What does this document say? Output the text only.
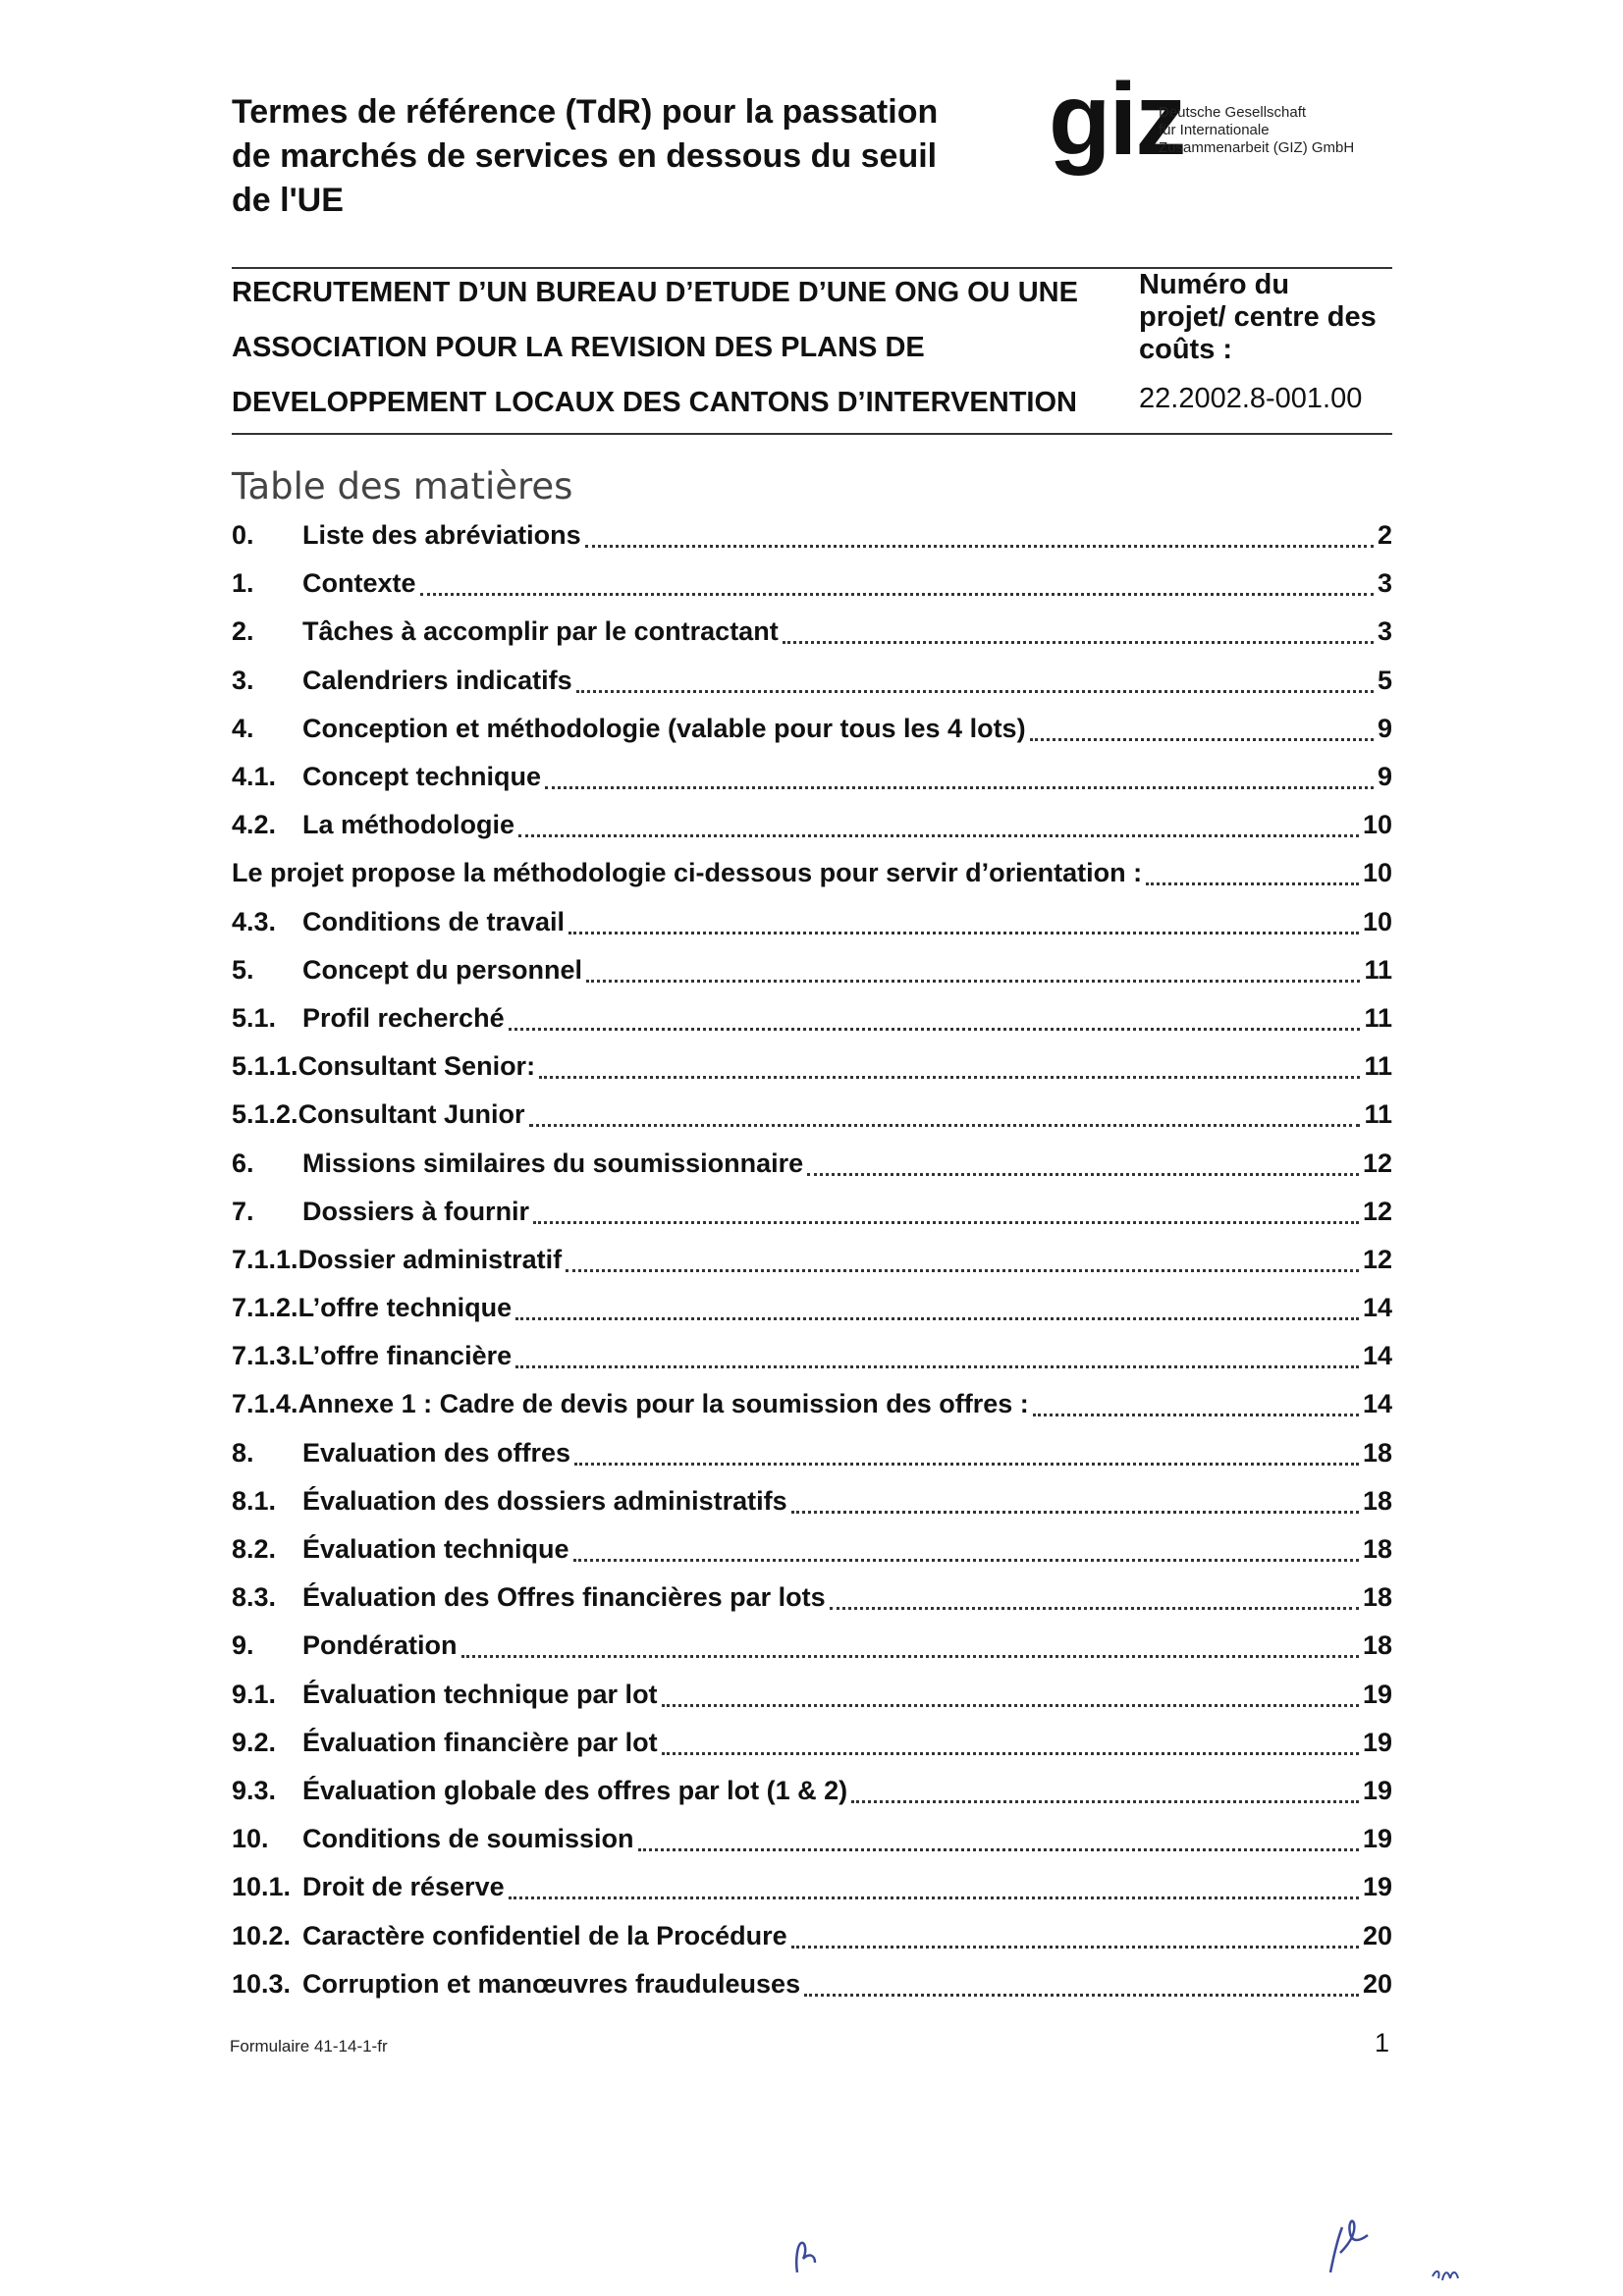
Termes de référence (TdR) pour la passation
de marchés de services en dessous du seuil
de l'UE
giz
Deutsche Gesellschaft
für Internationale
Zusammenarbeit (GIZ) GmbH
RECRUTEMENT D’UN BUREAU D’ETUDE D’UNE ONG OU UNE
ASSOCIATION POUR LA REVISION DES PLANS DE
DEVELOPPEMENT LOCAUX DES CANTONS D’INTERVENTION
Numéro du
projet/ centre des
coûts :
22.2002.8-001.00
Table des matières
0.	Liste des abréviations	2
1.	Contexte	3
2.	Tâches à accomplir par le contractant	3
3.	Calendriers indicatifs	5
4.	Conception et méthodologie (valable pour tous les 4 lots)	9
4.1. Concept technique	9
4.2. La méthodologie	10
Le projet propose la méthodologie ci-dessous pour servir d’orientation :	10
4.3. Conditions de travail	10
5.	Concept du personnel	11
5.1. Profil recherché	11
5.1.1. Consultant Senior:	11
5.1.2. Consultant Junior	11
6.	Missions similaires du soumissionnaire	12
7.	Dossiers à fournir	12
7.1.1. Dossier administratif	12
7.1.2. L’offre technique	14
7.1.3. L’offre financière	14
7.1.4. Annexe 1 : Cadre de devis pour la soumission des offres :	14
8.	Evaluation des offres	18
8.1. Évaluation des dossiers administratifs	18
8.2. Évaluation technique	18
8.3. Évaluation des Offres financières par lots	18
9.	Pondération	18
9.1. Évaluation technique par lot	19
9.2. Évaluation financière par lot	19
9.3. Évaluation globale des offres par lot (1 & 2)	19
10.	Conditions de soumission	19
10.1. Droit de réserve	19
10.2. Caractère confidentiel de la Procédure	20
10.3. Corruption et manœuvres frauduleuses	20
Formulaire 41-14-1-fr	1
